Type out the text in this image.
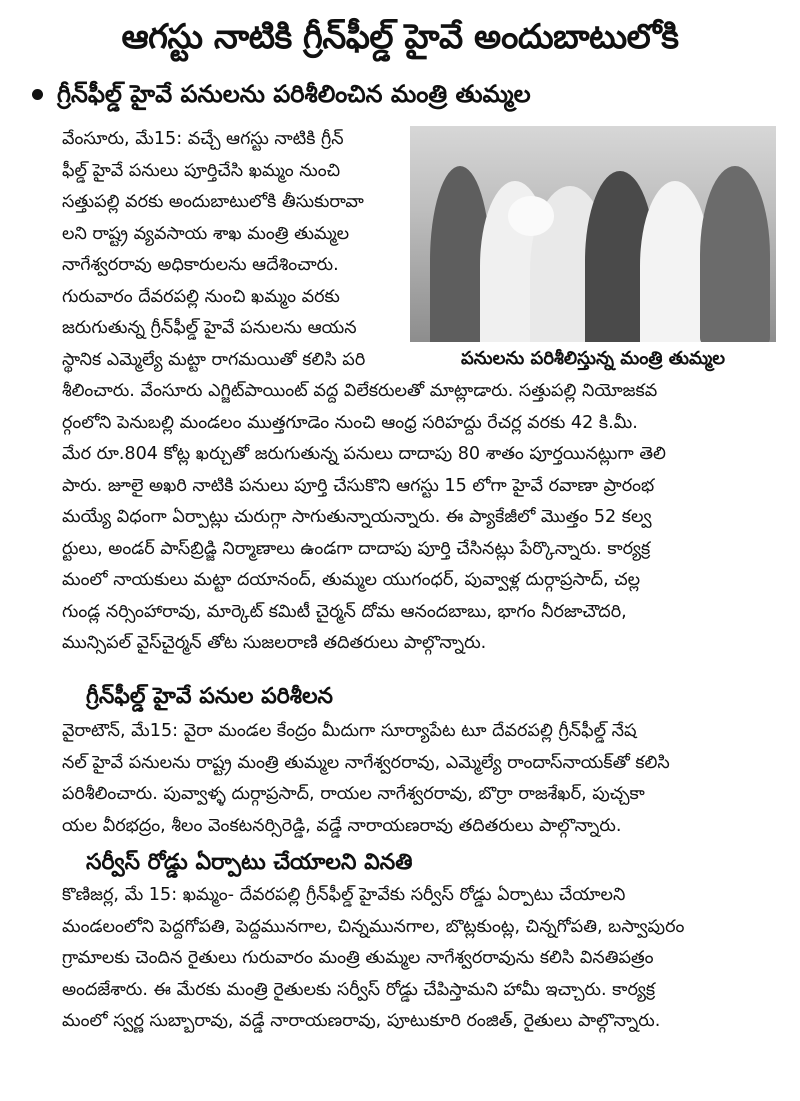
ఆగస్టు నాటికి గ్రీన్‌ఫీల్డ్ హైవే అందుబాటులోకి
గ్రీన్‌ఫీల్డ్ హైవే పనులను పరిశీలించిన మంత్రి తుమ్మల

వేంసూరు, మే15: వచ్చే ఆగస్టు నాటికి గ్రీన్
ఫీల్డ్ హైవే పనులు పూర్తిచేసి ఖమ్మం నుంచి
సత్తుపల్లి వరకు అందుబాటులోకి తీసుకురావా
లని రాష్ట్ర వ్యవసాయ శాఖ మంత్రి తుమ్మల
నాగేశ్వరరావు అధికారులను ఆదేశించారు.
గురువారం దేవరపల్లి నుంచి ఖమ్మం వరకు
జరుగుతున్న గ్రీన్‌ఫీల్డ్ హైవే పనులను ఆయన
స్థానిక ఎమ్మెల్యే మట్టా రాగమయితో కలిసి పరి	పనులను పరిశీలిస్తున్న మంత్రి తుమ్మల

శీలించారు. వేంసూరు ఎగ్జిట్‌పాయింట్ వద్ద విలేకరులతో మాట్లాడారు. సత్తుపల్లి నియోజకవ
ర్గంలోని పెనుబల్లి మండలం ముత్తగూడెం నుంచి ఆంధ్ర సరిహద్దు రేచర్ల వరకు 42 కి.మీ.
మేర రూ.804 కోట్ల ఖర్చుతో జరుగుతున్న పనులు దాదాపు 80 శాతం పూర్తయినట్లుగా తెలి
పారు. జూలై అఖరి నాటికి పనులు పూర్తి చేసుకొని ఆగస్టు 15 లోగా హైవే రవాణా ప్రారంభ
మయ్యే విధంగా ఏర్పాట్లు చురుగ్గా సాగుతున్నాయన్నారు. ఈ ప్యాకేజీలో మొత్తం 52 కల్వ
ర్టులు, అండర్ పాస్‌బ్రిడ్జి నిర్మాణాలు ఉండగా దాదాపు పూర్తి చేసినట్లు పేర్కొన్నారు. కార్యక్ర
మంలో నాయకులు మట్టా దయానంద్, తుమ్మల యుగంధర్, పువ్వాళ్ల దుర్గాప్రసాద్, చల్ల
గుండ్ల నర్సింహారావు, మార్కెట్ కమిటీ చైర్మన్ దోమ ఆనందబాబు, భాగం నీరజాచౌదరి,
మున్సిపల్ వైస్‌చైర్మన్ తోట సుజలరాణి తదితరులు పాల్గొన్నారు.

గ్రీన్‌ఫీల్డ్ హైవే పనుల పరిశీలన

వైరాటౌన్, మే15: వైరా మండల కేంద్రం మీదుగా సూర్యాపేట టూ దేవరపల్లి గ్రీన్‌ఫీల్డ్ నేష
నల్ హైవే పనులను రాష్ట్ర మంత్రి తుమ్మల నాగేశ్వరరావు, ఎమ్మెల్యే రాందాస్‌నాయక్‌తో కలిసి
పరిశీలించారు. పువ్వాళ్ళ దుర్గాప్రసాద్, రాయల నాగేశ్వరరావు, బొర్రా రాజశేఖర్, పుచ్చకా
యల వీరభద్రం, శీలం వెంకటనర్సిరెడ్డి, వడ్డే నారాయణరావు తదితరులు పాల్గొన్నారు.

సర్వీస్ రోడ్డు ఏర్పాటు చేయాలని వినతి

కొణిజర్ల, మే 15: ఖమ్మం- దేవరపల్లి గ్రీన్‌ఫీల్డ్ హైవేకు సర్వీస్ రోడ్డు ఏర్పాటు చేయాలని
మండలంలోని పెద్దగోపతి, పెద్దమునగాల, చిన్నమునగాల, బొట్లకుంట్ల, చిన్నగోపతి, బస్వాపురం
గ్రామాలకు చెందిన రైతులు గురువారం మంత్రి తుమ్మల నాగేశ్వరరావును కలిసి వినతిపత్రం
అందజేశారు. ఈ మేరకు మంత్రి రైతులకు సర్వీస్ రోడ్డు చేపిస్తామని హామీ ఇచ్చారు. కార్యక్ర
మంలో స్వర్ణ సుబ్బారావు, వడ్డే నారాయణరావు, పూటుకూరి రంజిత్, రైతులు పాల్గొన్నారు.
